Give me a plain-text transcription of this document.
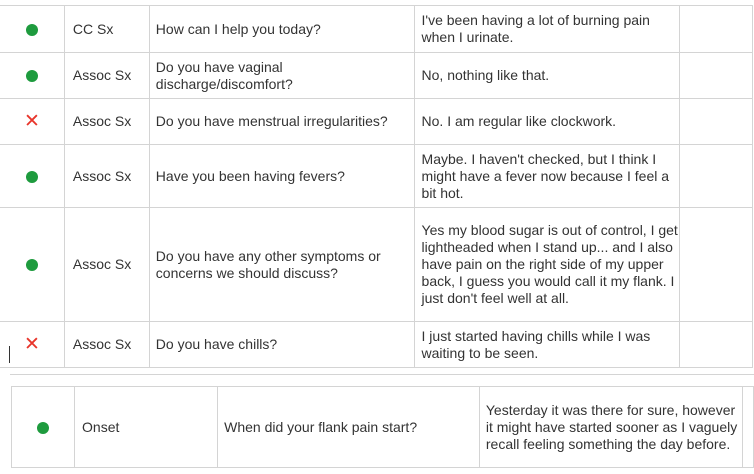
	CC Sx	How can I help you today?	I've been having a lot of burning pain when I urinate.	
	Assoc Sx	Do you have vaginal discharge/discomfort?	No, nothing like that.	
✕	Assoc Sx	Do you have menstrual irregularities?	No. I am regular like clockwork.	
	Assoc Sx	Have you been having fevers?	Maybe. I haven't checked, but I think I might have a fever now because I feel a bit hot.	
	Assoc Sx	Do you have any other symptoms or concerns we should discuss?	Yes my blood sugar is out of control, I get lightheaded when I stand up... and I also have pain on the right side of my upper back, I guess you would call it my flank. I just don't feel well at all.	
✕	Assoc Sx	Do you have chills?	I just started having chills while I was waiting to be seen.	
	Onset	When did your flank pain start?	Yesterday it was there for sure, however it might have started sooner as I vaguely recall feeling something the day before.	
